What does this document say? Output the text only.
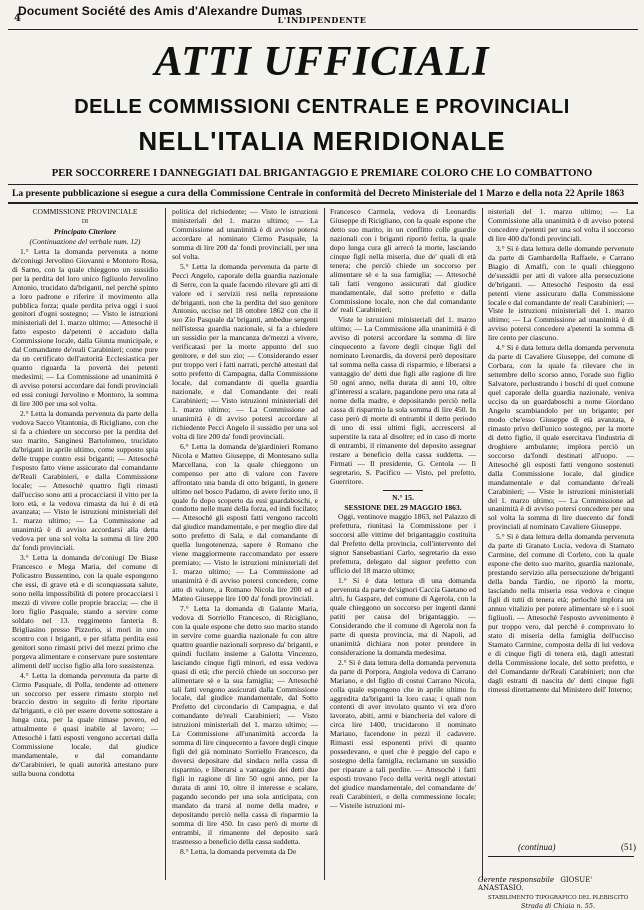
Document Société des Amis d'Alexandre Dumas
4	L'INDIPENDENTE
ATTI UFFICIALI
DELLE COMMISSIONI CENTRALE E PROVINCIALI
NELL'ITALIA MERIDIONALE
PER SOCCORRERE I DANNEGGIATI DAL BRIGANTAGGIO E PREMIARE COLORO CHE LO COMBATTONO
La presente pubblicazione si esegue a cura della Commissione Centrale in conformità del Decreto Ministeriale del 1 Marzo e della nota 22 Aprile 1863

COMMISSIONE PROVINCIALE

DI

Principato Citeriore

(Continuazione del verbale num. 12)

1.° Letta la domanda pervenuta a nome de'coniugi Jervolino Giovanni e Montoro Rosa, di Sarno, con la quale chieggono un sussidio per la perdita del loro unico figliuolo Jervolino Antonio, trucidato da'briganti, nel perchè spinto a loro padrone e riferire il movimento alla pubblica forza; quale perdita priva oggi i suoi genitori d'ogni sostegno; — Visto le istruzioni ministeriali del 1. marzo ultimo; — Attesochè il fatto esposto da'petenti è accaduto dalla Commissione locale, dalla Giunta municipale, e dal Comandante de'reali Carabinieri; come pure da un certificato dell'autorità Ecclesiastica per quanto riguarda la povertà dei petenti medesimi; — La Commissione ad unanimità è di avviso potersi accordare dai fondi provinciali ed essi coniugi Jervolino e Montoro, la somma di lire 300 per una sol volta.

2.° Letta la domanda pervenuta da parte della vedova Sacco Vitantonia, di Ricigliano, con che si fa a chiedere un soccorso per la perdita del suo marito, Sanginesi Bartolomeo, trucidato da'briganti in aprile ultimo, come supposto spia delle truppe contro essi briganti; — Attesochè l'esposto fatto viene assicurato dal comandante de'Reali Carabinieri, e dalla Commissione locale; — Attesochè quattro figli rimasti dall'ucciso sono atti a procacciarsi il vitto per la loro età, e la vedova rimasta da lui è di età avanzata; — Visto le istruzioni ministeriali del 1. marzo ultimo; — La Commissione ad unanimità è di avviso accordarsi alla detta vedova per una sol volta la somma di lire 200 da' fondi provinciali.

3.° Letta la domanda de'coniugi De Biase Francesco e Mega Maria, del comune di Policastro Bussentino, con la quale espongono che essi, di grave età e di sconquassata salute, sono nella impossibilità di potere procacciarsi i mezzi di vivere colle proprie braccia; — che il loro figlio Pasquale, stando a servire come soldato nel 13. reggimento fanteria 8. Brigliasino presso Pizzorio, si morì in uno scontro con i briganti, e per sifatta perdita essi genitori sono rimasti privi del mezzi primo che porgeva alimentare e conservare pure sostentare alimenti dell' ucciso figlio alla loro sussistenza.

4.° Letta la domanda pervenuta da parte di Cirmo Pasquale, di Polla, tendente ad ottenere un soccorso per essere rimasto storpio nel braccio destro in seguito di ferite riportate da'briganti, e ciò per essere dovette sottostare a lunga cura, per la quale rimase povero, ed attualmente è quasi inabile al lavoro; — Attesochè i fatti esposti vengono accertati dalla Commissione locale, dal giudice mandamentale, e dal comandante de'Carabinieri, le quali autorità attestano pure sulla buona condotta

politica del richiedente; — Visto le istruzioni ministeriali del 1. marzo ultimo; — La Commissione ad unanimità è di avviso potersi accordare al nominato Cirmo Pasquale, la somma di lire 200 da' fondi provinciali, per una sol volta.

5.° Letta la domanda pervenuta da parte di Pecci Angelo, caporale della guardia nazionale di Serre, con la quale facendo rilevare gli atti di valore ed i servizii resi nella repressione de'briganti, non che la perdita del suo genitore Antonio, ucciso nel 18 ottobre 1862 con che il suo Zio Pasquale da' briganti, ambedue sergenti nell'istessa guardia nazionale, si fa a chiedere un sussidio per la mancanza de'mezzi a vivere, verificatasi per la morte appunto del suo genitore, e del suo zio; — Considerando esser pur troppo veri i fatti narrati, perchè attestati dal sotto prefetto di Campagna, dalla Commissione locale, dal comandante di quella guardia nazionale, e dal Comandante dei reali Carabinieri; — Visto istruzioni ministeriali del 1. marzo ultimo; — La Commissione ad unanimità è di avviso potersi accordare al richiedente Pecci Angelo il sussidio per una sol volta di lire 200 da' fondi provinciali.

6.° Letta la domanda de'giardinieri Romano Nicola e Matteo Giuseppe, di Montesano sulla Marcellana, con la quale chieggono un compenso per atto di valore con l'avere affrontato una banda di otto briganti, in genere ultimo nel bosco Padamo, di avere ferito uno, il quale fu dopo scoperto da essi guardaboschi, e condotto nelle mani della forza, ed indi fucilato; — Attesochè gli esposti fatti vengono raccolti dal giudice mandamentale, e per meglio dire dal sotto prefetto di Sala, e dal comandante di quella luogotenenza, sapere è Romano che viene maggiormente raccomandato per essere premiato; — Visto le istruzioni ministeriali del 1. marzo ultimo; — La Commissione ad unanimità è di avviso potersi concedere, come atto di valore, a Romano Nicola lire 200 ed a Matteo Giuseppe lire 100 da' fondi provinciali.

7.° Letta la domanda di Galante Maria, vedova di Sorriello Francesco, di Ricigliano, con la quale espone che detto suo marito stando in servire come guardia nazionale fu con altre quattro guardie nazionali sorpreso da' briganti, e quindi fucilato insieme a Galotta Vincenzo, lasciando cinque figli minori, ed essa vedova quasi di età; che perciò chiede un soccorso per alimentare sè e la sua famiglia; — Attesochè tali fatti vengono assicurati dalla Commissione locale, dal giudice mandamentale, dal Sotto Prefetto del circondario di Campagna, e dal comandante de'reali Carabinieri; — Visto istruzioni ministeriali del 1. marzo ultimo; — La Commissione all'unanimità accorda la somma di lire cinquecento a favore degli cinque figli del già nominato Sorriello Francesco, da doversi depositare dal sindaco nella cassa di risparmio, e liberarsi a vantaggio dei detti due figli in ragione di lire 50 ogni anno, per la durata di anni 10, oltre il interesse e scalare, pagando secondo per una sola anticipata, con mandato da trarsi al nome della madre, e depositando perciò nella cassa di risparmio la somma di lire 450. In caso però di morte di entrambi, il rimanente del deposito sarà trasmesso a beneficio della cassa suddetta.

8.° Letta, la domanda pervenuta da De

Francesco Carmela, vedova di Leonardis Giuseppe di Ricigliano, con la quale espone che detto suo marito, in un conflitto colle guardie nazionali con i briganti riportò ferita, la quale dopo lunga cura gli arrecò la morte, lasciando cinque figli nella miseria, due de' quali di età tenera; che perciò chiede un soccorso per alimentare sè e la sua famiglia; — Attesochè tali fatti vengono assicurati dal giudice mandamentale, dal sotto prefetto e dalla Commissione locale, non che dal comandante de' reali Carabinieri;

Viste le istruzioni ministeriali del 1. marzo ultimo; — La Commissione alla unanimità è di avviso di potersi accordare la somma di lire cinquecento a favore degli cinque figli del nominato Leonardis, da doversi però depositare tal somma nella cassa di risparmio, e liberarsi a vantaggio de' detti due figli alle ragione di lire 50 ogni anno, nella durata di anni 10, oltre gl'interessi a scalare, pagandone pero una rata al nome della madre, e depositando perciò nella cassa di risparmio la sola somma di lire 450. In caso però di morte di entrambi il detto periodo di uno di essi ultimi figli, accrescersi al superstite la rata al disoltre; ed in caso di morte di entrambi, il rimanente del deposito assegnar restare a beneficio della cassa suddetta. — Firmati — Il presidente, G. Centola — Il segretario, S. Pacifico — Visto, pel prefetto, Guerritore.

N.° 15.

SESSIONE DEL 29 MAGGIO 1863.

Oggi, ventinove maggio 1863, nel Palazzo di prefettura, riunitasi la Commissione per i soccorsi alle vittime del brigantaggio costituita dal Prefetto della provincia, coll'intervento del signor Sansebastiani Carlo, segretario da esso prefettura, delegato dal signor prefetto con ufficio del 18 marzo ultimo;

1.° Si è data lettura di una domanda pervenuta da parte de'signori Caccia Gaetano ed altri, fu Gaspare, del comune di Agerola, con la quale chieggono un soccorso per ingenti danni patiti per causa del brigantaggio. — Considerando che il comune di Agerola non fa parte di questa provincia, ma di Napoli, ad unanimità dichiara non poter prendere in considerazione la domanda medesima.

2.° Si è data lettura della domanda pervenuta da parte di Porpora, Angiola vedova di Carrano Mariano, e del figlio di costui Carrano Nicola, colla quale espongono che in aprile ultimo fu aggredita da'briganti la loro casa; i quali non contenti di aver involato quanto vi era d'oro lavorato, abiti, armi e biancheria del valore di circa lire 1400, trucidarono il nominato Mariano, facendone in pezzi il cadavere. Rimasti essi esponenti privi di quanto possedevano, e quel che è peggio del capo e sostegno della famiglia, reclamano un sussidio per riparare a tali perdite. — Attesochè i fatti esposti trovano l'eco della verità negli attestati del giudice mandamentale, del comandante de' reali Carabinieri, e della commessione locale; — Visteile istruzioni mi-

nisteriali del 1. marzo ultimo; — La Commissione alla unanimità è di avviso potersi concedere a'petenti per una sol volta il soccorso di lire 400 da'fondi provinciali.

3.° Si è data lettura delle domande pervenute da parte di Gambardella Raffaele, e Carrano Biagio di Amalfi, con le quali chieggono de'sussidii per atti di valore alla persecuzione de'briganti. — Attesochè l'esposto da essi petenti viene assicurato dalla Commissione locale e dal comandante de' reali Carabinieri; — Viste le istruzioni ministeriali del 1. marzo ultimo; — La Commissione ad unanimità è di avviso potersi concedere a'petenti la somma di lire cento per ciascuno.

4.° Si è data lettura della domanda pervenuta da parte di Cavaliere Giuseppe, del comune di Corbara, con la quale fa rilevare che in settembre dello scorso anno, l'orade suo figlio Salvatore, perlustrando i boschi di quel comune quel caporale della guardia nazionale, veniva ucciso da un guardaboschi a nome Giordano Angelo scambiandolo per un brigante; per modo che'esso Giuseppe di età avanzata, è rimasto privo dell'unico sostegno, per la morte di detto figlio, il quale esercitava l'industria di droghiere ambulante; implora perciò un soccorso da'fondi destinati all'uopo. — Attesochè gli esposti fatti vengono sostenuti dalla Commissione locale, dal giudice mandamentale e dal comandante de'reali Carabinieri; — Viste le istruzioni ministeriali del 1. marzo ultimo; — La Commissione ad unanimità è di avviso potersi concedere per una sol volta la somma di lire duecento da' fondi provinciali al nominato Cavaliere Giuseppe.

5.° Si è data lettura della domanda pervenuta da parte di Granato Lucia, vedova di Stamato Carmine, del comune di Corleto, con la quale espone che detto suo marito, guardia nazionale, prestando servizio alla persecuzione de'briganti della banda Tardio, ne riportò la morte, lasciando nella miseria essa vedova e cinque figli di tutti di tenera età; perlochè implora un annuo vitalizio per potere alimentare sè e i suoi figliuoli. — Attesochè l'esposto avvenimento è pur troppo vero, dal perchè è comprovato lo stato di miseria della famiglia dell'ucciso Stamato Carmine, composta della di lui vedova e di cinque figli di tenera età, dagli attestati della Commissione locale, del sotto prefetto, e del Comandante de'Reali Carabinieri; non che dagli estratti di nascita de' detti cinque figli rimessi direttamente dal Ministero dell' Interno;

(continua)	(51)
Gerente responsabile GIOSUE' ANASTASIO.
STABILIMENTO TIPOGRAFICO DEL PLEBISCITO
Strada di Chiaia n. 55.
